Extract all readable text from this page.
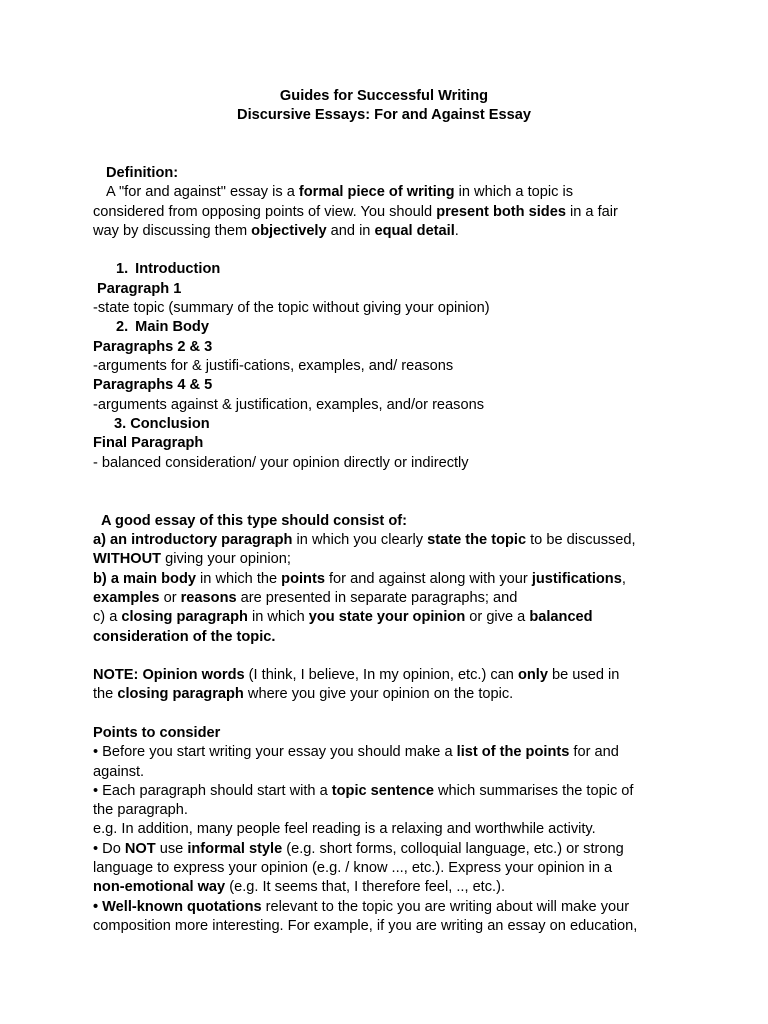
Guides for Successful Writing
Discursive Essays: For and Against Essay
Definition:
A "for and against" essay is a formal piece of writing in which a topic is
considered from opposing points of view. You should present both sides in a fair
way by discussing them objectively and in equal detail.
1. Introduction
Paragraph 1
-state topic (summary of the topic without giving your opinion)
2. Main Body
Paragraphs 2 & 3
-arguments for & justifi-cations, examples, and/ reasons
Paragraphs 4 & 5
-arguments against & justification, examples, and/or reasons
3. Conclusion
Final Paragraph
- balanced consideration/ your opinion directly or indirectly
A good essay of this type should consist of:
a) an introductory paragraph in which you clearly state the topic to be discussed,
WITHOUT giving your opinion;
b) a main body in which the points for and against along with your justifications,
examples or reasons are presented in separate paragraphs; and
c) a closing paragraph in which you state your opinion or give a balanced
consideration of the topic.
NOTE: Opinion words (I think, I believe, In my opinion, etc.) can only be used in
the closing paragraph where you give your opinion on the topic.
Points to consider
• Before you start writing your essay you should make a list of the points for and
against.
• Each paragraph should start with a topic sentence which summarises the topic of
the paragraph.
e.g. In addition, many people feel reading is a relaxing and worthwhile activity.
• Do NOT use informal style (e.g. short forms, colloquial language, etc.) or strong
language to express your opinion (e.g. / know ..., etc.). Express your opinion in a
non-emotional way (e.g. It seems that, I therefore feel, .., etc.).
• Well-known quotations relevant to the topic you are writing about will make your
composition more interesting. For example, if you are writing an essay on education,
